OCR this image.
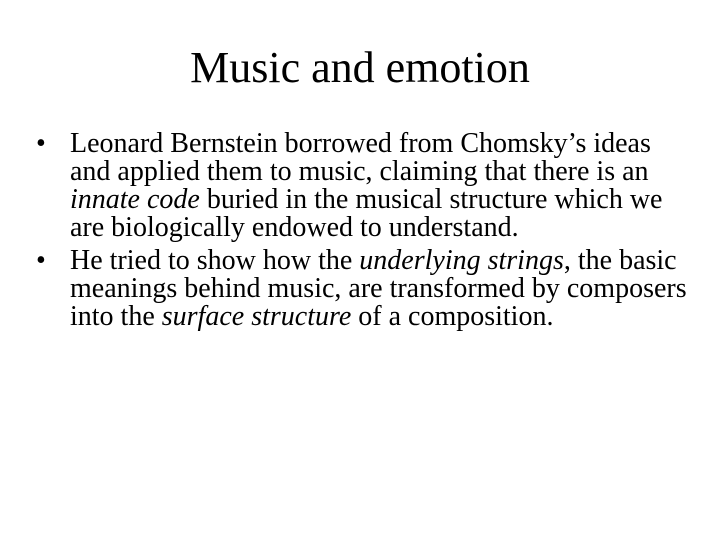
Music and emotion
• Leonard Bernstein borrowed from Chomsky’s ideas and applied them to music, claiming that there is an innate code buried in the musical structure which we are biologically endowed to understand.
• He tried to show how the underlying strings, the basic meanings behind music, are transformed by composers into the surface structure of a composition.
